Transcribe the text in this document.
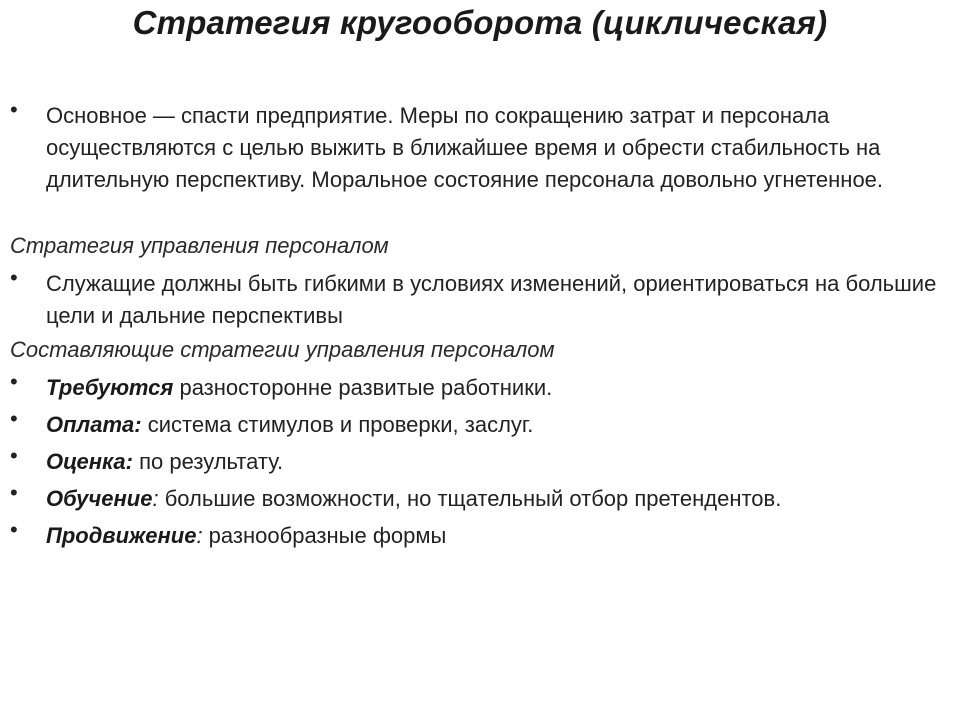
Стратегия кругооборота (циклическая)
• Основное — спасти предприятие. Меры по сокращению затрат и персонала осуществляются с целью выжить в ближайшее время и обрести стабильность на длительную перспективу. Моральное состояние персонала довольно угнетенное.
Стратегия управления персоналом
• Служащие должны быть гибкими в условиях изменений, ориентироваться на большие цели и дальние перспективы
Составляющие стратегии управления персоналом
• Требуются разносторонне развитые работники.
• Оплата: система стимулов и проверки, заслуг.
• Оценка: по результату.
• Обучение: большие возможности, но тщательный отбор претендентов.
• Продвижение: разнообразные формы
